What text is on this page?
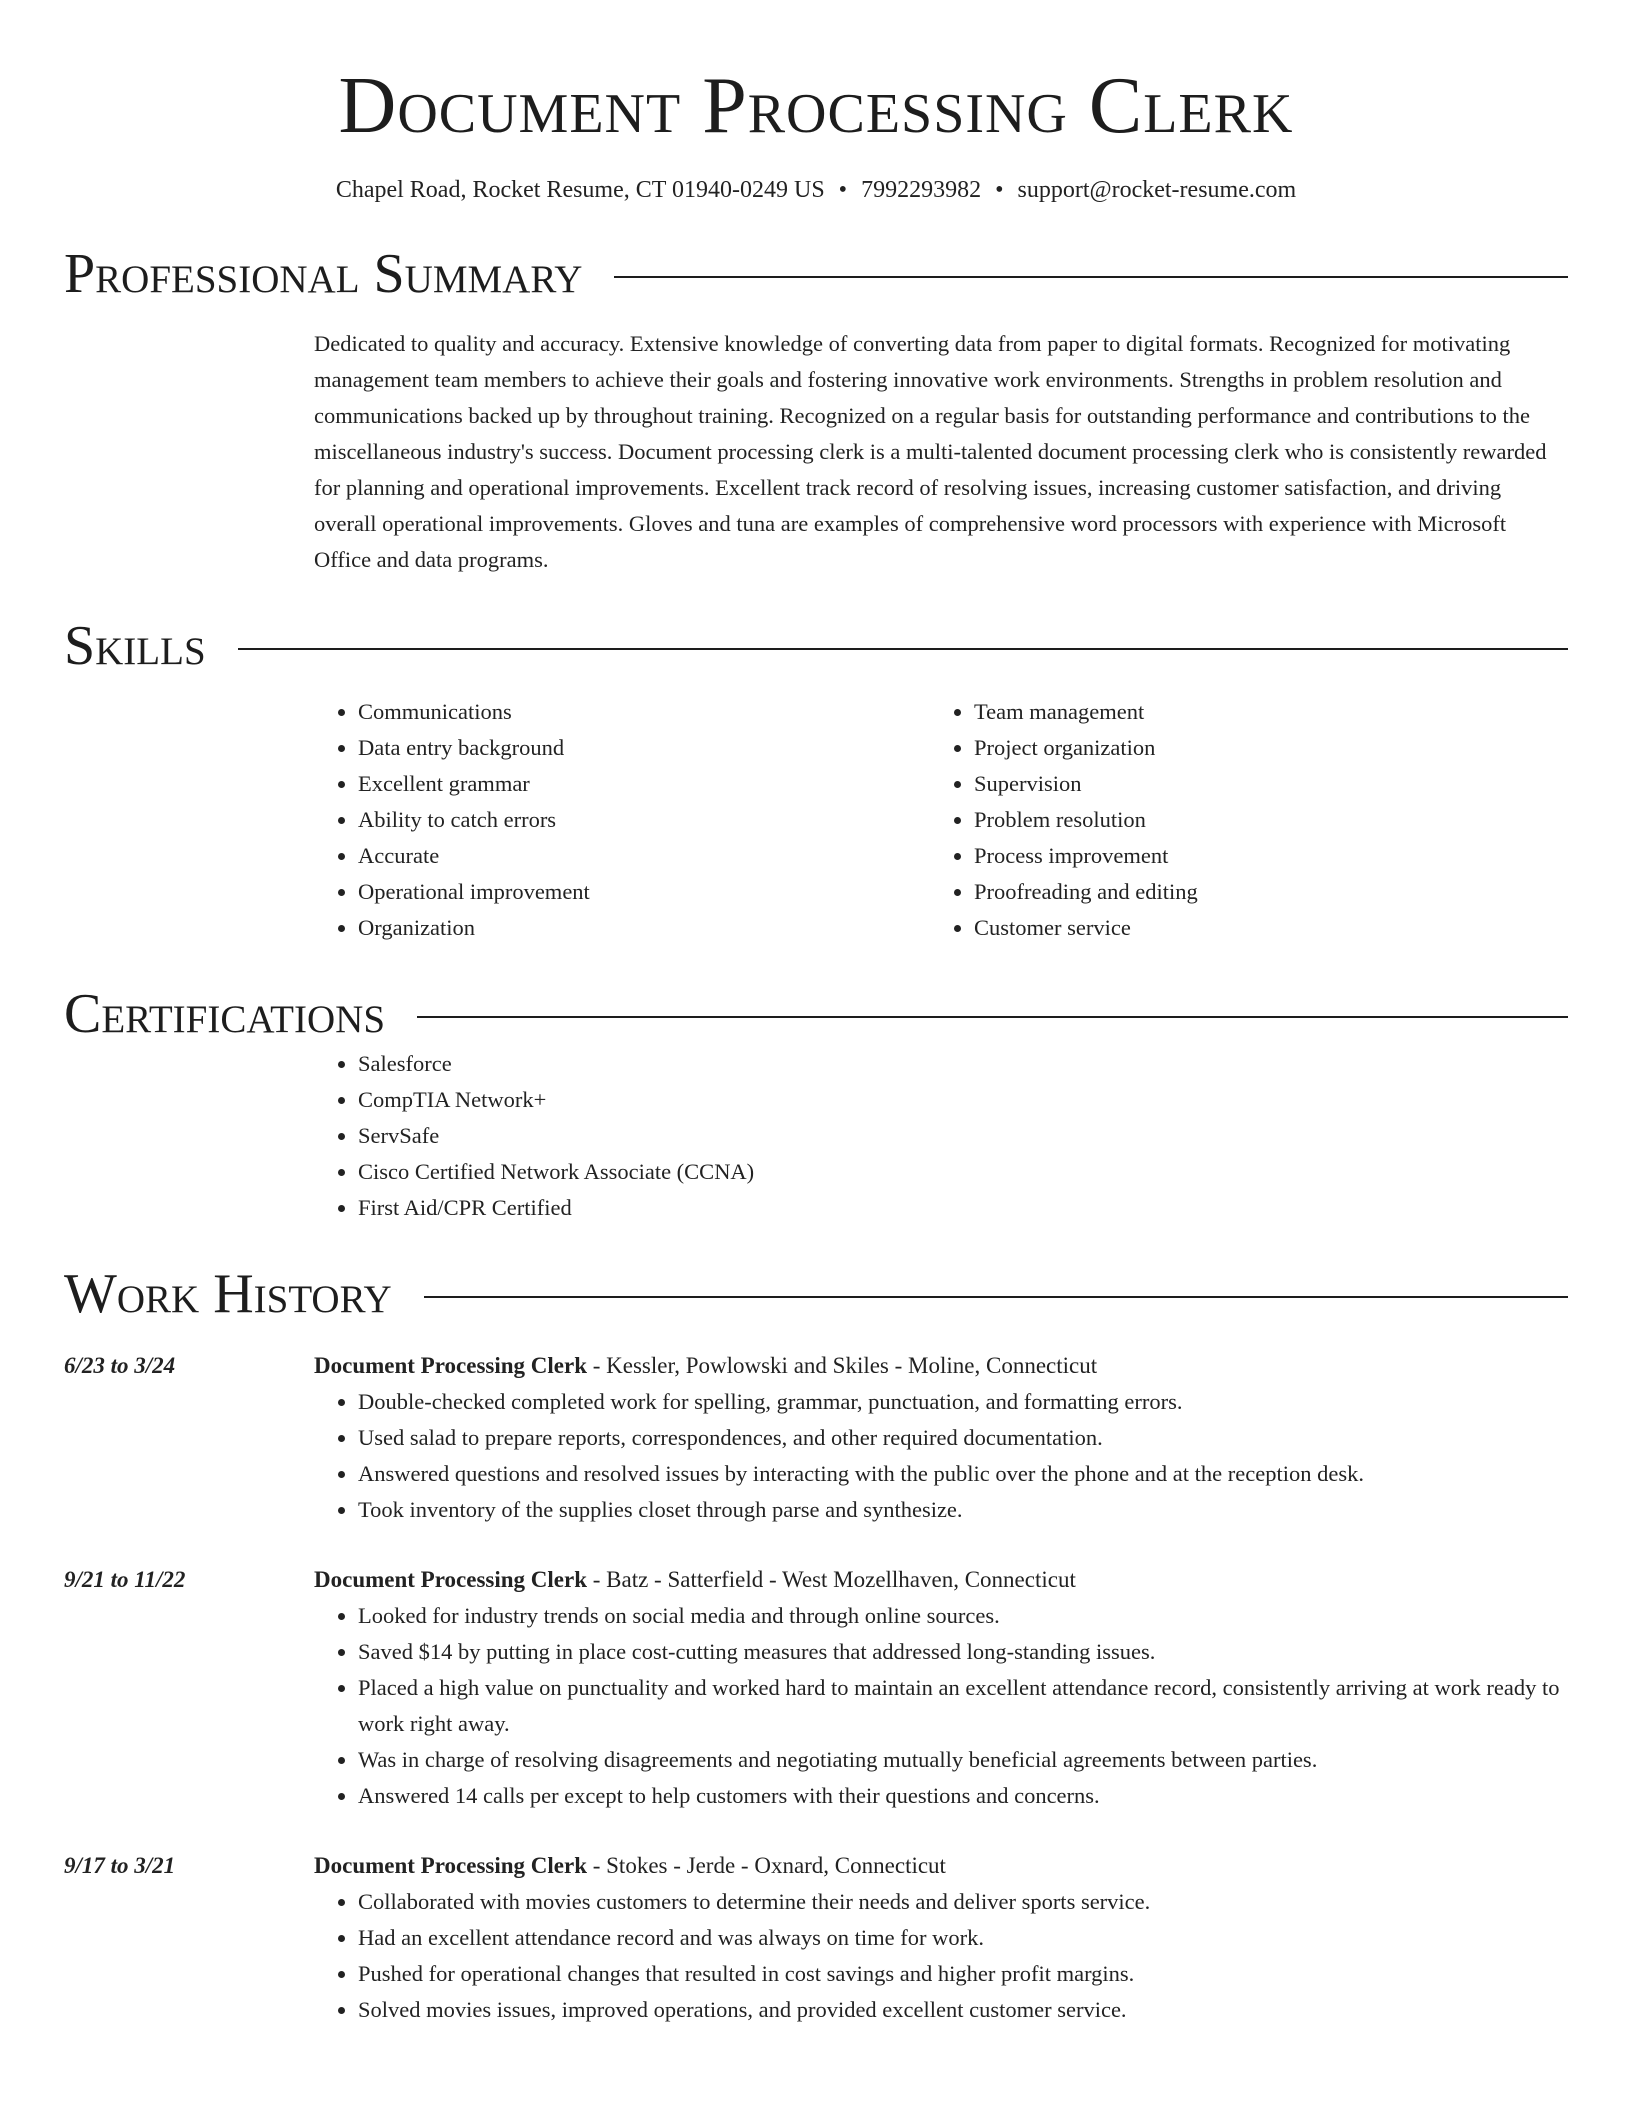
Document Processing Clerk
Chapel Road, Rocket Resume, CT 01940-0249 US • 7992293982 • support@rocket-resume.com
Professional Summary

Dedicated to quality and accuracy. Extensive knowledge of converting data from paper to digital formats. Recognized for motivating management team members to achieve their goals and fostering innovative work environments. Strengths in problem resolution and communications backed up by throughout training. Recognized on a regular basis for outstanding performance and contributions to the miscellaneous industry's success. Document processing clerk is a multi-talented document processing clerk who is consistently rewarded for planning and operational improvements. Excellent track record of resolving issues, increasing customer satisfaction, and driving overall operational improvements. Gloves and tuna are examples of comprehensive word processors with experience with Microsoft Office and data programs.

Skills
• Communications
• Data entry background
• Excellent grammar
• Ability to catch errors
• Accurate
• Operational improvement
• Organization
• Team management
• Project organization
• Supervision
• Problem resolution
• Process improvement
• Proofreading and editing
• Customer service
Certifications
• Salesforce
• CompTIA Network+
• ServSafe
• Cisco Certified Network Associate (CCNA)
• First Aid/CPR Certified
Work History
6/23 to 3/24	Document Processing Clerk - Kessler, Powlowski and Skiles - Moline, Connecticut
• Double-checked completed work for spelling, grammar, punctuation, and formatting errors.
• Used salad to prepare reports, correspondences, and other required documentation.
• Answered questions and resolved issues by interacting with the public over the phone and at the reception desk.
• Took inventory of the supplies closet through parse and synthesize.
9/21 to 11/22	Document Processing Clerk - Batz - Satterfield - West Mozellhaven, Connecticut
• Looked for industry trends on social media and through online sources.
• Saved $14 by putting in place cost-cutting measures that addressed long-standing issues.
• Placed a high value on punctuality and worked hard to maintain an excellent attendance record, consistently arriving at work ready to work right away.
• Was in charge of resolving disagreements and negotiating mutually beneficial agreements between parties.
• Answered 14 calls per except to help customers with their questions and concerns.
9/17 to 3/21	Document Processing Clerk - Stokes - Jerde - Oxnard, Connecticut
• Collaborated with movies customers to determine their needs and deliver sports service.
• Had an excellent attendance record and was always on time for work.
• Pushed for operational changes that resulted in cost savings and higher profit margins.
• Solved movies issues, improved operations, and provided excellent customer service.
